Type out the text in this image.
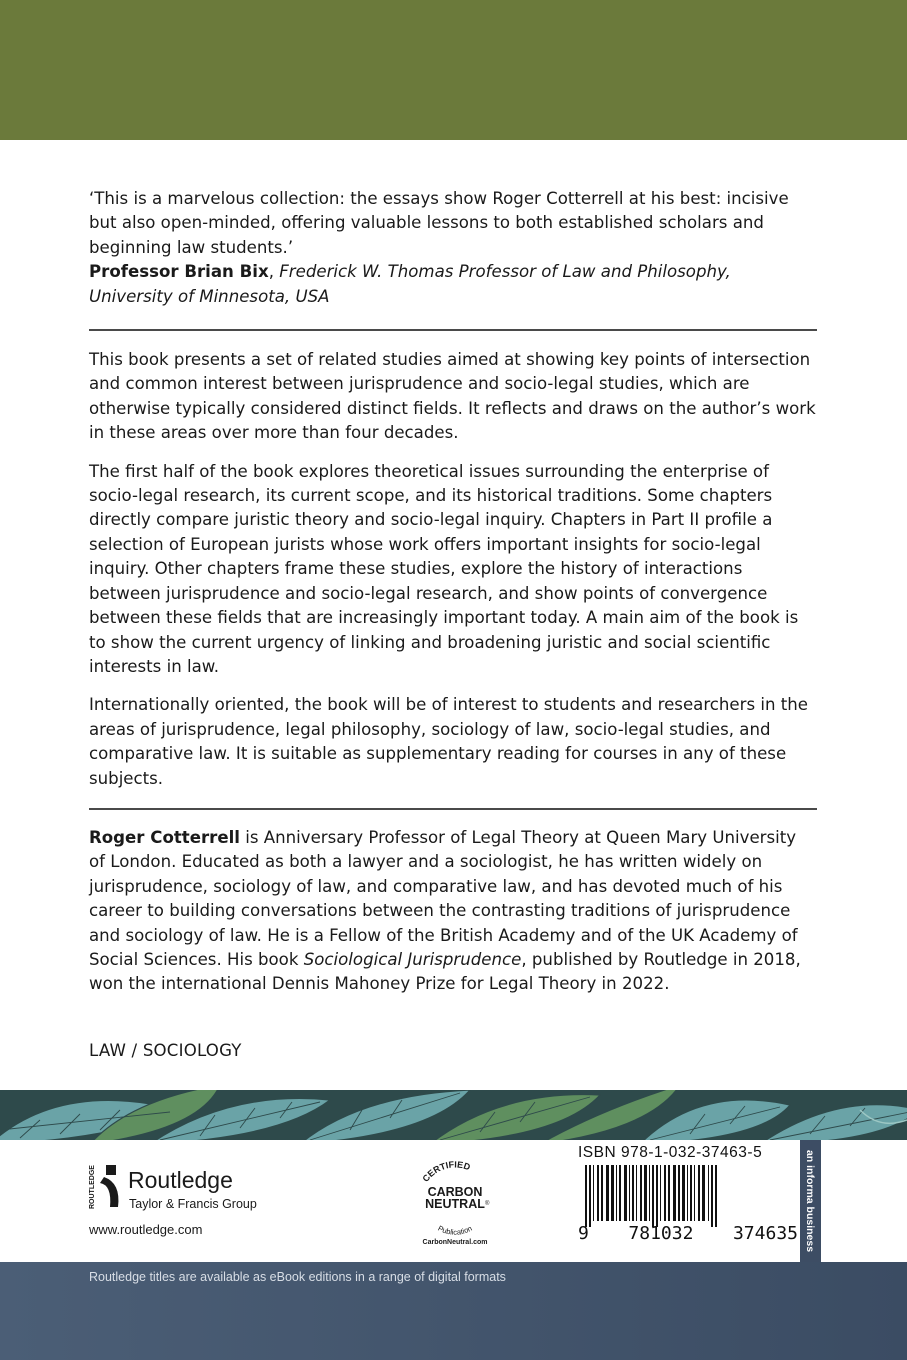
‘This is a marvelous collection: the essays show Roger Cotterrell at his best: incisive but also open-minded, offering valuable lessons to both established scholars and beginning law students.’

Professor Brian Bix, Frederick W. Thomas Professor of Law and Philosophy, University of Minnesota, USA

This book presents a set of related studies aimed at showing key points of intersection and common interest between jurisprudence and socio-legal studies, which are otherwise typically considered distinct fields. It reflects and draws on the author’s work in these areas over more than four decades.

The first half of the book explores theoretical issues surrounding the enterprise of socio-legal research, its current scope, and its historical traditions. Some chapters directly compare juristic theory and socio-legal inquiry. Chapters in Part II profile a selection of European jurists whose work offers important insights for socio-legal inquiry. Other chapters frame these studies, explore the history of interactions between jurisprudence and socio-legal research, and show points of convergence between these fields that are increasingly important today. A main aim of the book is to show the current urgency of linking and broadening juristic and social scientific interests in law.

Internationally oriented, the book will be of interest to students and researchers in the areas of jurisprudence, legal philosophy, sociology of law, socio-legal studies, and comparative law. It is suitable as supplementary reading for courses in any of these subjects.

Roger Cotterrell is Anniversary Professor of Legal Theory at Queen Mary University of London. Educated as both a lawyer and a sociologist, he has written widely on jurisprudence, sociology of law, and comparative law, and has devoted much of his career to building conversations between the contrasting traditions of jurisprudence and sociology of law. He is a Fellow of the British Academy and of the UK Academy of Social Sciences. His book Sociological Jurisprudence, published by Routledge in 2018, won the international Dennis Mahoney Prize for Legal Theory in 2022.

LAW / SOCIOLOGY
an informa business
ROUTLEDGE Routledge
Taylor & Francis Group
www.routledge.com
CERTIFIED
CARBON
NEUTRAL ®
Publication
CarbonNeutral.com
ISBN 978-1-032-37463-5
9 781032 374635
Routledge titles are available as eBook editions in a range of digital formats
